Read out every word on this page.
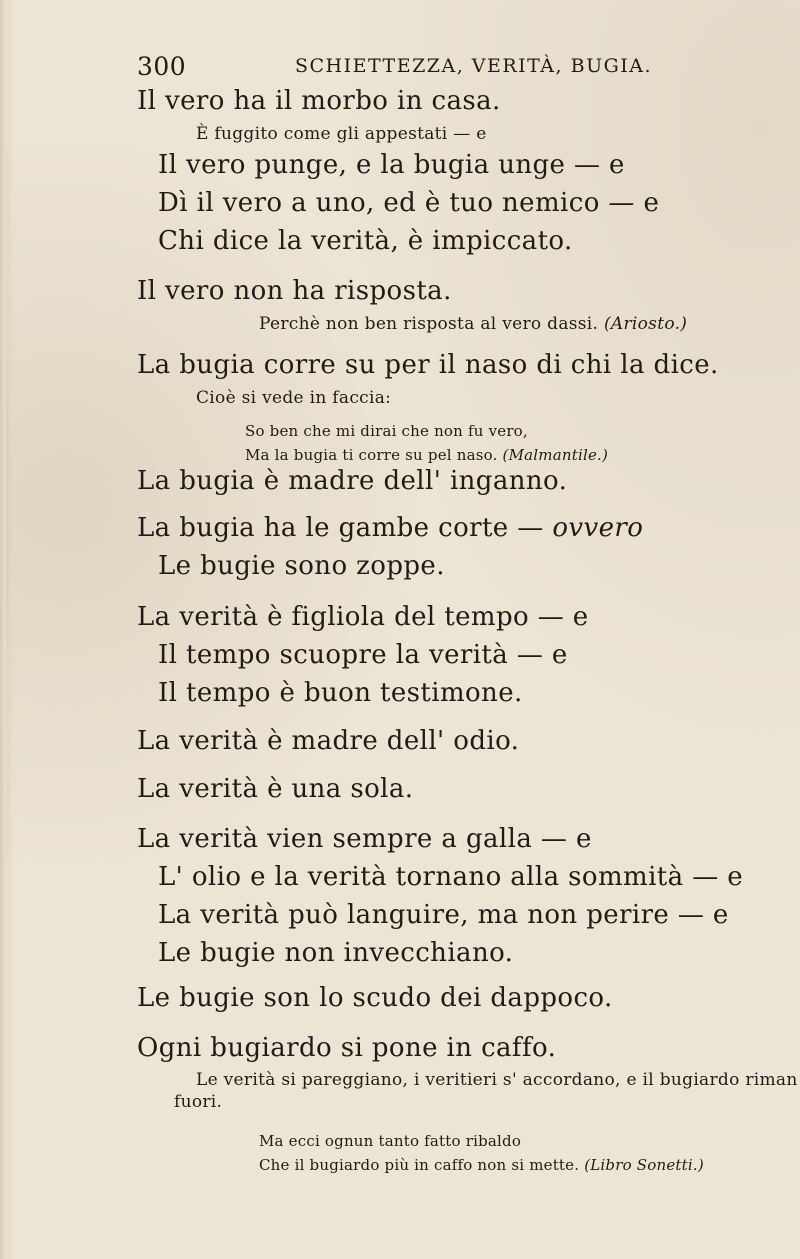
300	SCHIETTEZZA, VERITÀ, BUGIA.
Il vero ha il morbo in casa.
È fuggito come gli appestati — e
Il vero punge, e la bugia unge — e
Dì il vero a uno, ed è tuo nemico — e
Chi dice la verità, è impiccato.
Il vero non ha risposta.
Perchè non ben risposta al vero dassi. (Ariosto.)
La bugia corre su per il naso di chi la dice.
Cioè si vede in faccia:
So ben che mi dirai che non fu vero,
Ma la bugia ti corre su pel naso. (Malmantile.)
La bugia è madre dell' inganno.
La bugia ha le gambe corte — ovvero
Le bugie sono zoppe.
La verità è figliola del tempo — e
Il tempo scuopre la verità — e
Il tempo è buon testimone.
La verità è madre dell' odio.
La verità è una sola.
La verità vien sempre a galla — e
L' olio e la verità tornano alla sommità — e
La verità può languire, ma non perire — e
Le bugie non invecchiano.
Le bugie son lo scudo dei dappoco.
Ogni bugiardo si pone in caffo.
Le verità si pareggiano, i veritieri s' accordano, e il bugiardo riman
fuori.
Ma ecci ognun tanto fatto ribaldo
Che il bugiardo più in caffo non si mette. (Libro Sonetti.)
